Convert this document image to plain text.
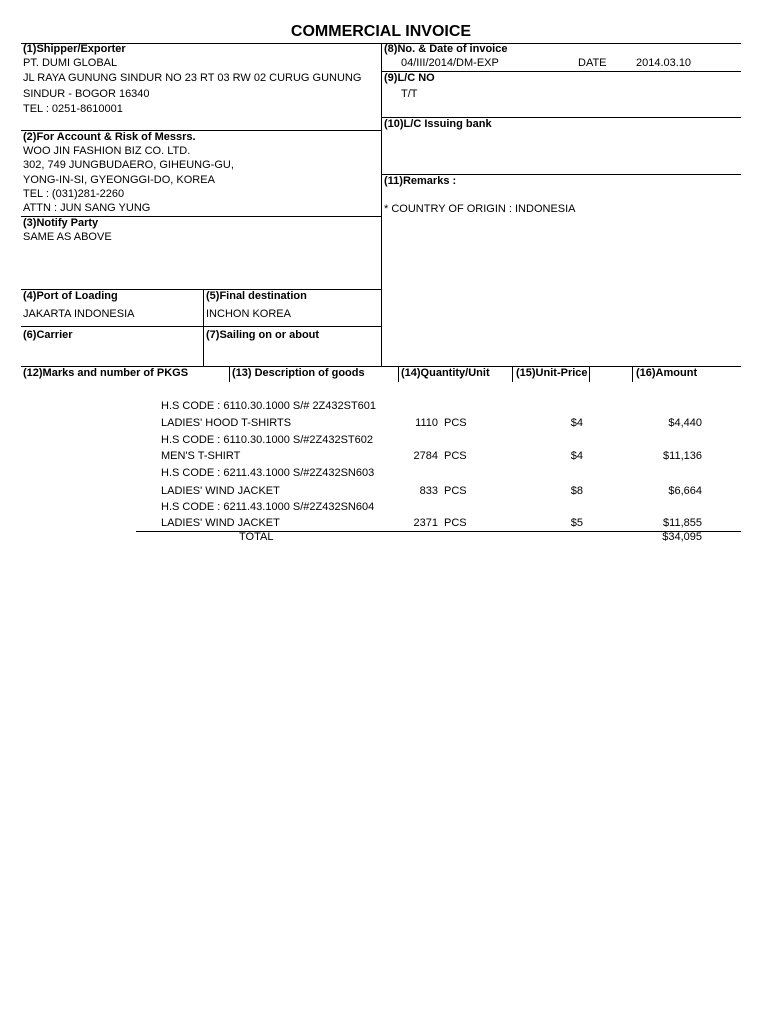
COMMERCIAL INVOICE
(1)Shipper/Exporter
PT. DUMI GLOBAL
JL RAYA GUNUNG SINDUR NO 23 RT 03 RW 02 CURUG GUNUNG
SINDUR - BOGOR 16340
TEL : 0251-8610001
(8)No. & Date of invoice
04/III/2014/DM-EXP	DATE	2014.03.10
(9)L/C NO
T/T
(10)L/C Issuing bank
(2)For Account & Risk of Messrs.
WOO JIN FASHION BIZ CO. LTD.
302, 749 JUNGBUDAERO, GIHEUNG-GU,
YONG-IN-SI, GYEONGGI-DO, KOREA
TEL : (031)281-2260
ATTN : JUN SANG YUNG
(11)Remarks :
* COUNTRY OF ORIGIN : INDONESIA
(3)Notify Party
SAME AS ABOVE
(4)Port of Loading
JAKARTA INDONESIA
(5)Final destination
INCHON KOREA
(6)Carrier	(7)Sailing on or about
(12)Marks and number of PKGS	(13) Description of goods	(14)Quantity/Unit (15)Unit-Price	(16)Amount
H.S CODE : 6110.30.1000 S/# 2Z432ST601
LADIES' HOOD T-SHIRTS	1110 PCS	$4	$4,440
H.S CODE : 6110.30.1000 S/#2Z432ST602
MEN'S T-SHIRT	2784 PCS	$4	$11,136
H.S CODE : 6211.43.1000 S/#2Z432SN603
LADIES' WIND JACKET	833 PCS	$8	$6,664
H.S CODE : 6211.43.1000 S/#2Z432SN604
LADIES' WIND JACKET	2371 PCS	$5	$11,855
TOTAL	$34,095
